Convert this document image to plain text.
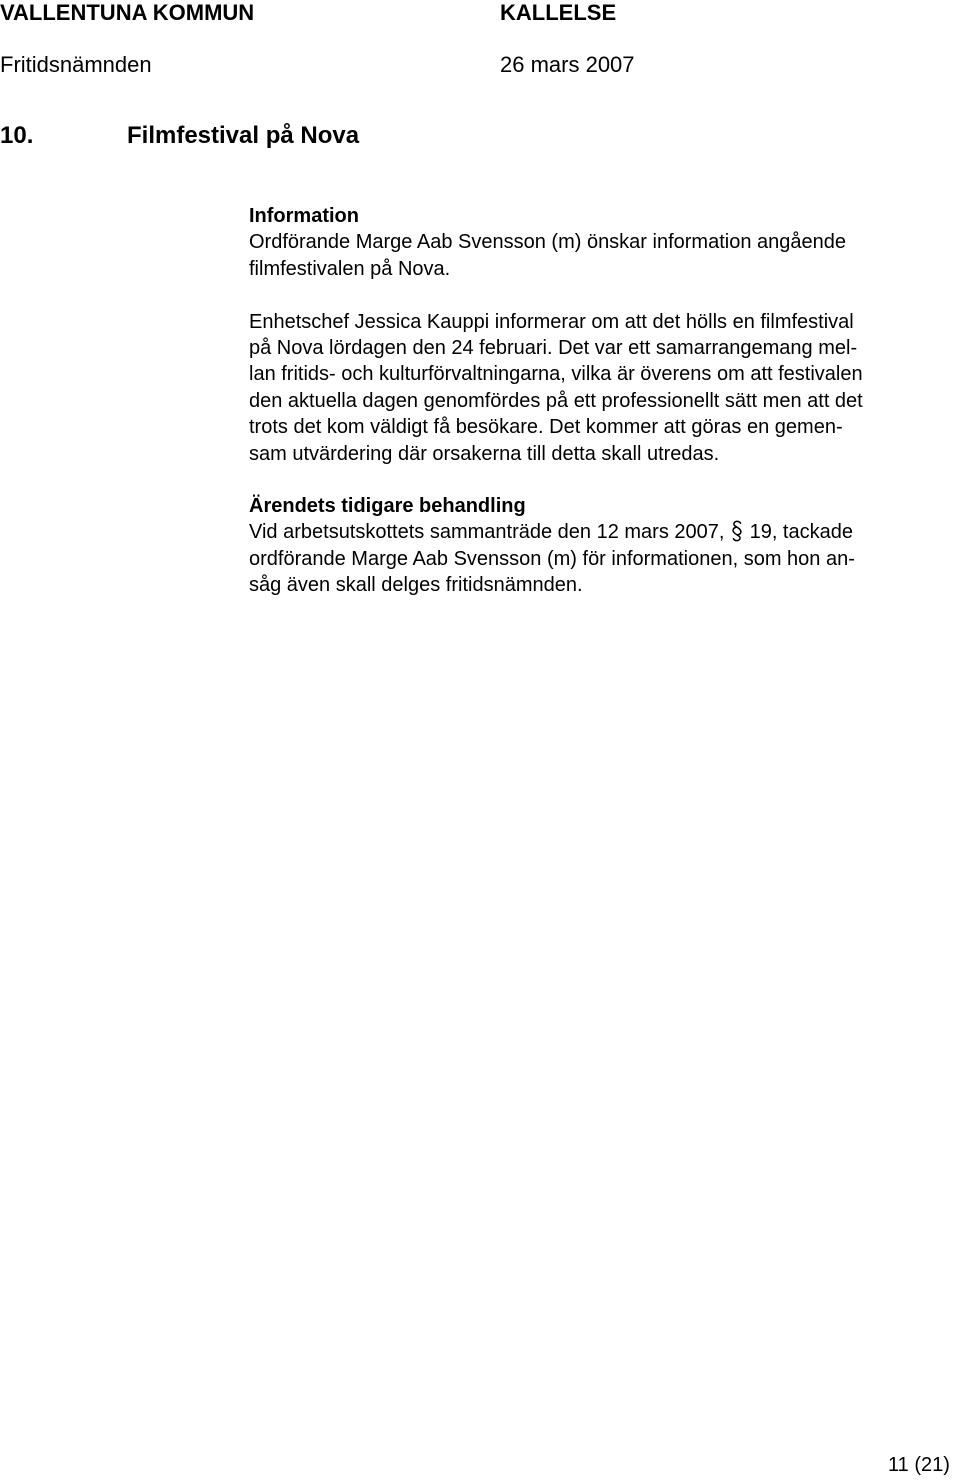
VALLENTUNA KOMMUN	KALLELSE
Fritidsnämnden	26 mars 2007
10.	Filmfestival på Nova
Information
Ordförande Marge Aab Svensson (m) önskar information angående
filmfestivalen på Nova.
Enhetschef Jessica Kauppi informerar om att det hölls en filmfestival
på Nova lördagen den 24 februari. Det var ett samarrangemang mel-
lan fritids- och kulturförvaltningarna, vilka är överens om att festivalen
den aktuella dagen genomfördes på ett professionellt sätt men att det
trots det kom väldigt få besökare. Det kommer att göras en gemen-
sam utvärdering där orsakerna till detta skall utredas.
Ärendets tidigare behandling
Vid arbetsutskottets sammanträde den 12 mars 2007,
19, tackade
ordförande Marge Aab Svensson (m) för informationen, som hon an-
såg även skall delges fritidsnämnden.
11 (21)
